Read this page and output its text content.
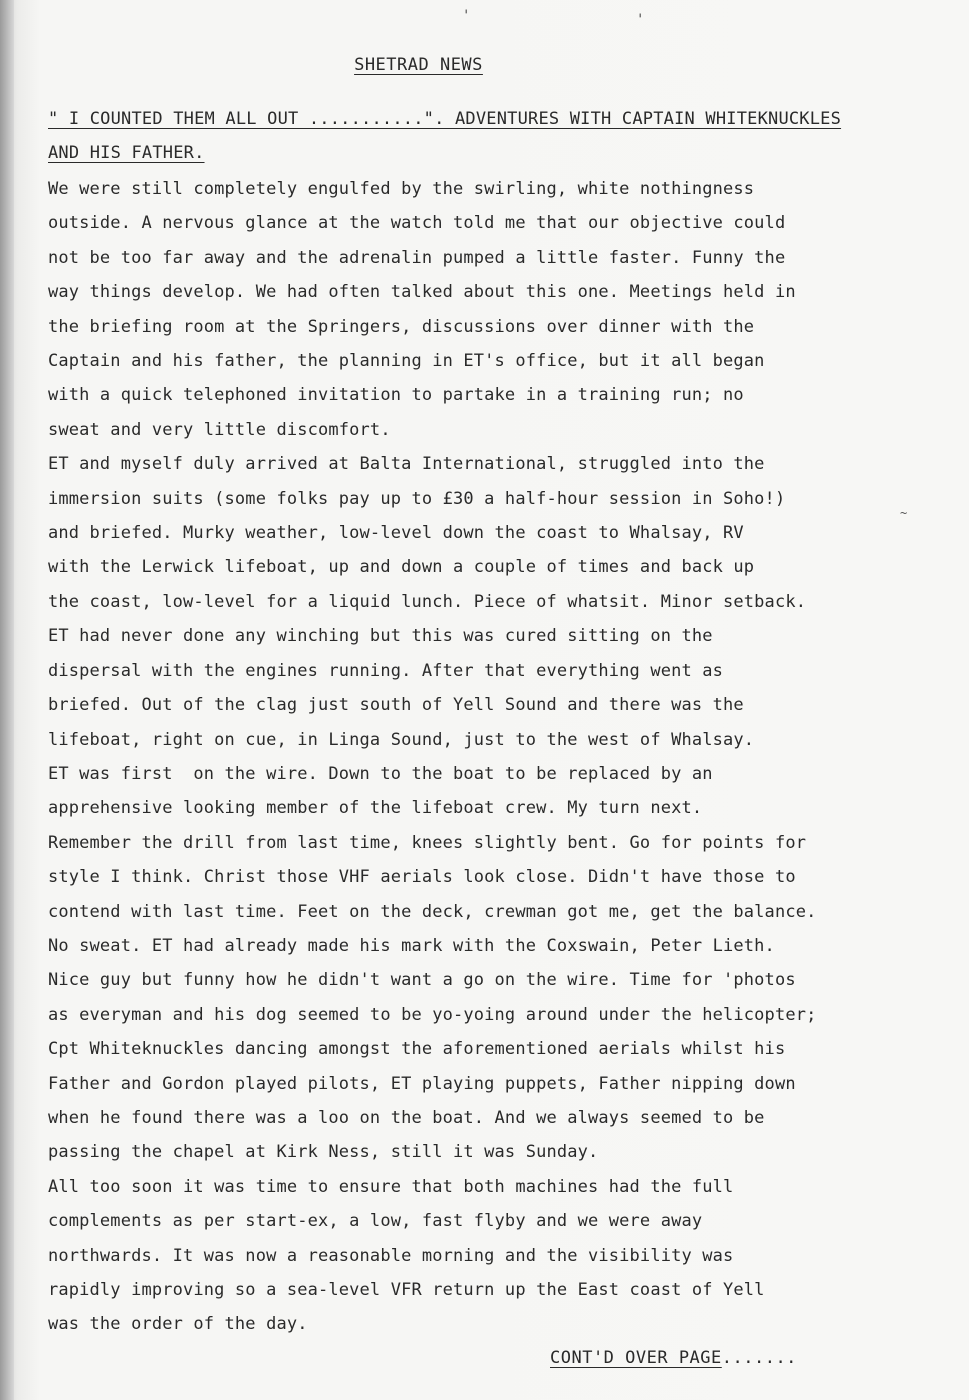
'	'
~
SHETRAD NEWS
" I COUNTED THEM ALL OUT ...........". ADVENTURES WITH CAPTAIN WHITEKNUCKLES
AND HIS FATHER.
We were still completely engulfed by the swirling, white nothingness
outside. A nervous glance at the watch told me that our objective could
not be too far away and the adrenalin pumped a little faster. Funny the
way things develop. We had often talked about this one. Meetings held in
the briefing room at the Springers, discussions over dinner with the
Captain and his father, the planning in ET's office, but it all began
with a quick telephoned invitation to partake in a training run; no
sweat and very little discomfort.
ET and myself duly arrived at Balta International, struggled into the
immersion suits (some folks pay up to £30 a half-hour session in Soho!)
and briefed. Murky weather, low-level down the coast to Whalsay, RV
with the Lerwick lifeboat, up and down a couple of times and back up
the coast, low-level for a liquid lunch. Piece of whatsit. Minor setback.
ET had never done any winching but this was cured sitting on the
dispersal with the engines running. After that everything went as
briefed. Out of the clag just south of Yell Sound and there was the
lifeboat, right on cue, in Linga Sound, just to the west of Whalsay.
ET was first  on the wire. Down to the boat to be replaced by an
apprehensive looking member of the lifeboat crew. My turn next.
Remember the drill from last time, knees slightly bent. Go for points for
style I think. Christ those VHF aerials look close. Didn't have those to
contend with last time. Feet on the deck, crewman got me, get the balance.
No sweat. ET had already made his mark with the Coxswain, Peter Lieth.
Nice guy but funny how he didn't want a go on the wire. Time for 'photos
as everyman and his dog seemed to be yo-yoing around under the helicopter;
Cpt Whiteknuckles dancing amongst the aforementioned aerials whilst his
Father and Gordon played pilots, ET playing puppets, Father nipping down
when he found there was a loo on the boat. And we always seemed to be
passing the chapel at Kirk Ness, still it was Sunday.
All too soon it was time to ensure that both machines had the full
complements as per start-ex, a low, fast flyby and we were away
northwards. It was now a reasonable morning and the visibility was
rapidly improving so a sea-level VFR return up the East coast of Yell
was the order of the day.
CONT'D OVER PAGE.......
